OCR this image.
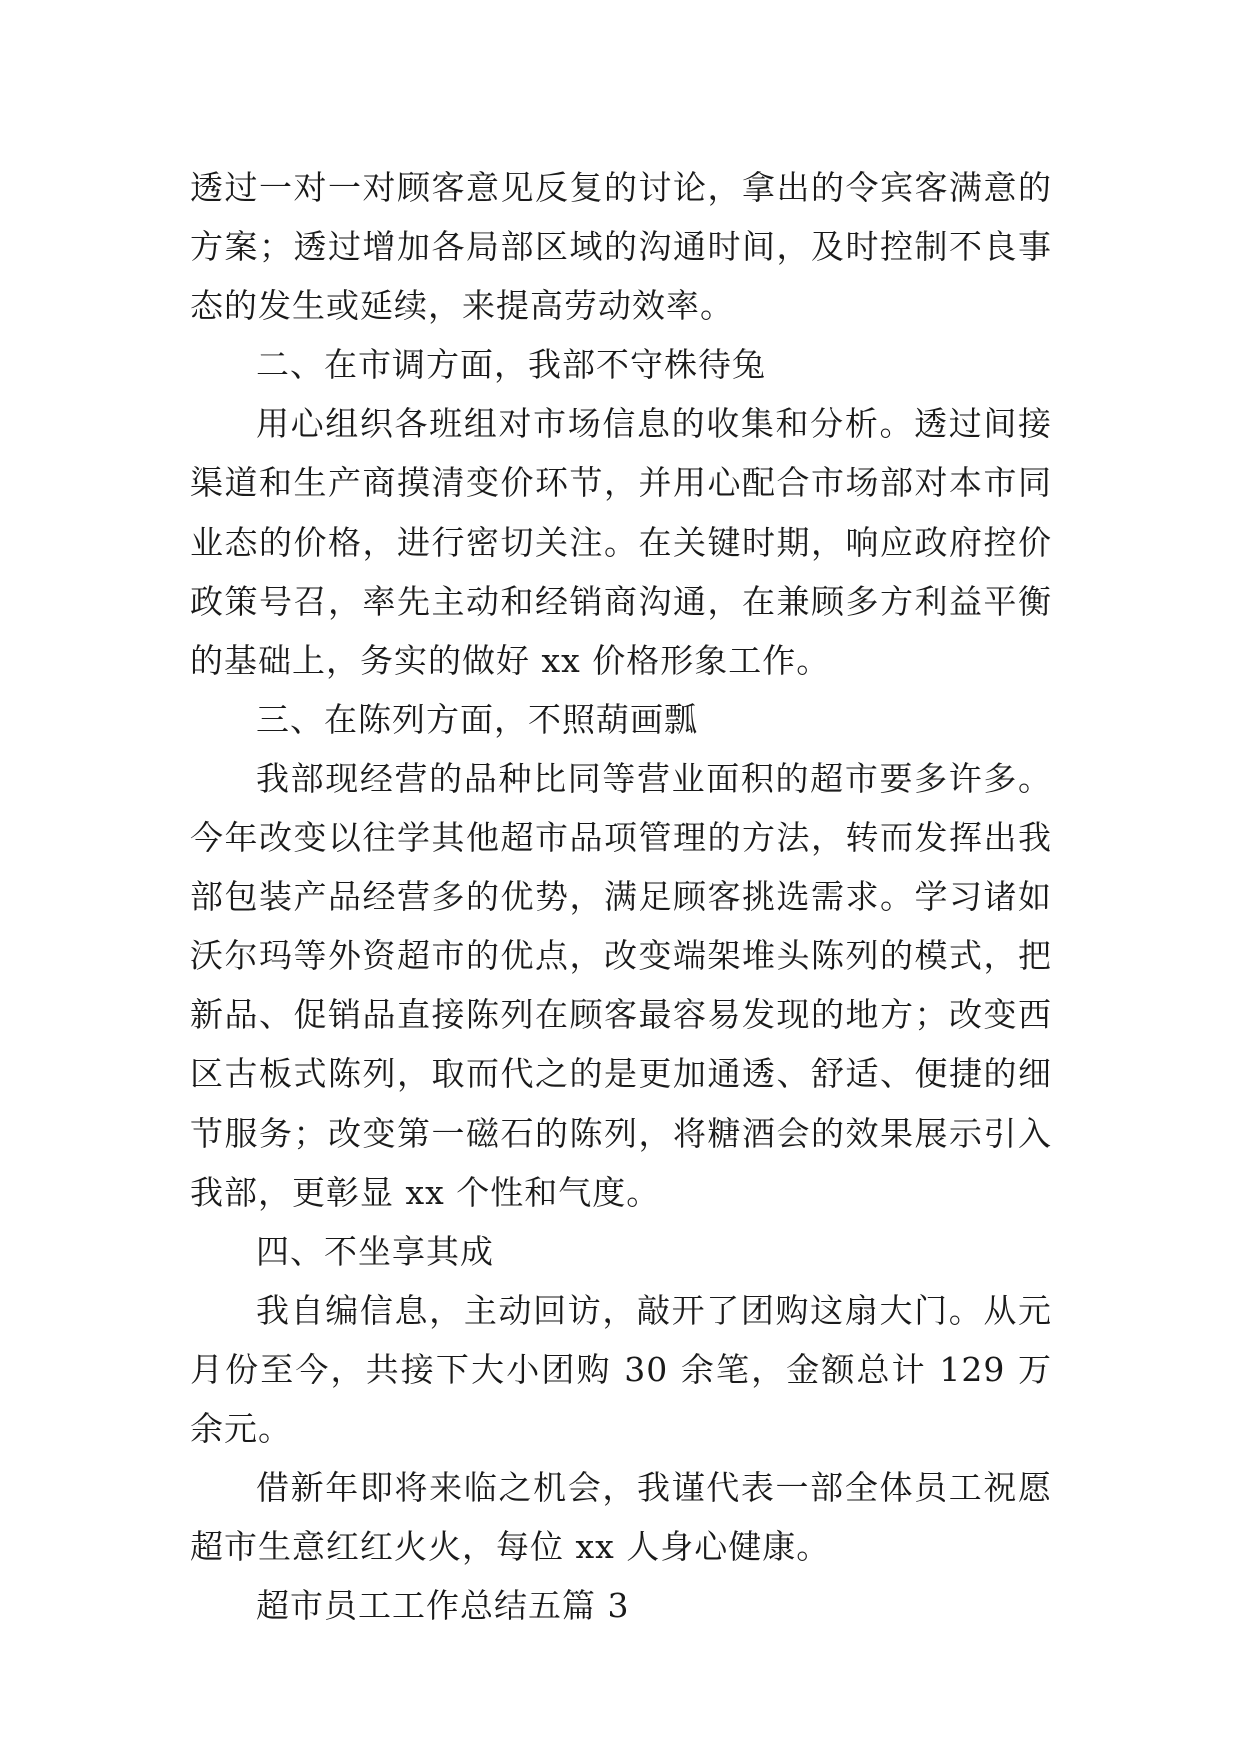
透过一对一对顾客意见反复的讨论，拿出的令宾客满意的方案；透过增加各局部区域的沟通时间，及时控制不良事态的发生或延续，来提高劳动效率。

二、在市调方面，我部不守株待兔

用心组织各班组对市场信息的收集和分析。透过间接渠道和生产商摸清变价环节，并用心配合市场部对本市同业态的价格，进行密切关注。在关键时期，响应政府控价政策号召，率先主动和经销商沟通，在兼顾多方利益平衡的基础上，务实的做好 xx 价格形象工作。

三、在陈列方面，不照葫画瓢

我部现经营的品种比同等营业面积的超市要多许多。今年改变以往学其他超市品项管理的方法，转而发挥出我部包装产品经营多的优势，满足顾客挑选需求。学习诸如沃尔玛等外资超市的优点，改变端架堆头陈列的模式，把新品、促销品直接陈列在顾客最容易发现的地方；改变西区古板式陈列，取而代之的是更加通透、舒适、便捷的细节服务；改变第一磁石的陈列，将糖酒会的效果展示引入我部，更彰显 xx 个性和气度。

四、不坐享其成

我自编信息，主动回访，敲开了团购这扇大门。从元月份至今，共接下大小团购 30 余笔，金额总计 129 万余元。

借新年即将来临之机会，我谨代表一部全体员工祝愿超市生意红红火火，每位 xx 人身心健康。

超市员工工作总结五篇 3
